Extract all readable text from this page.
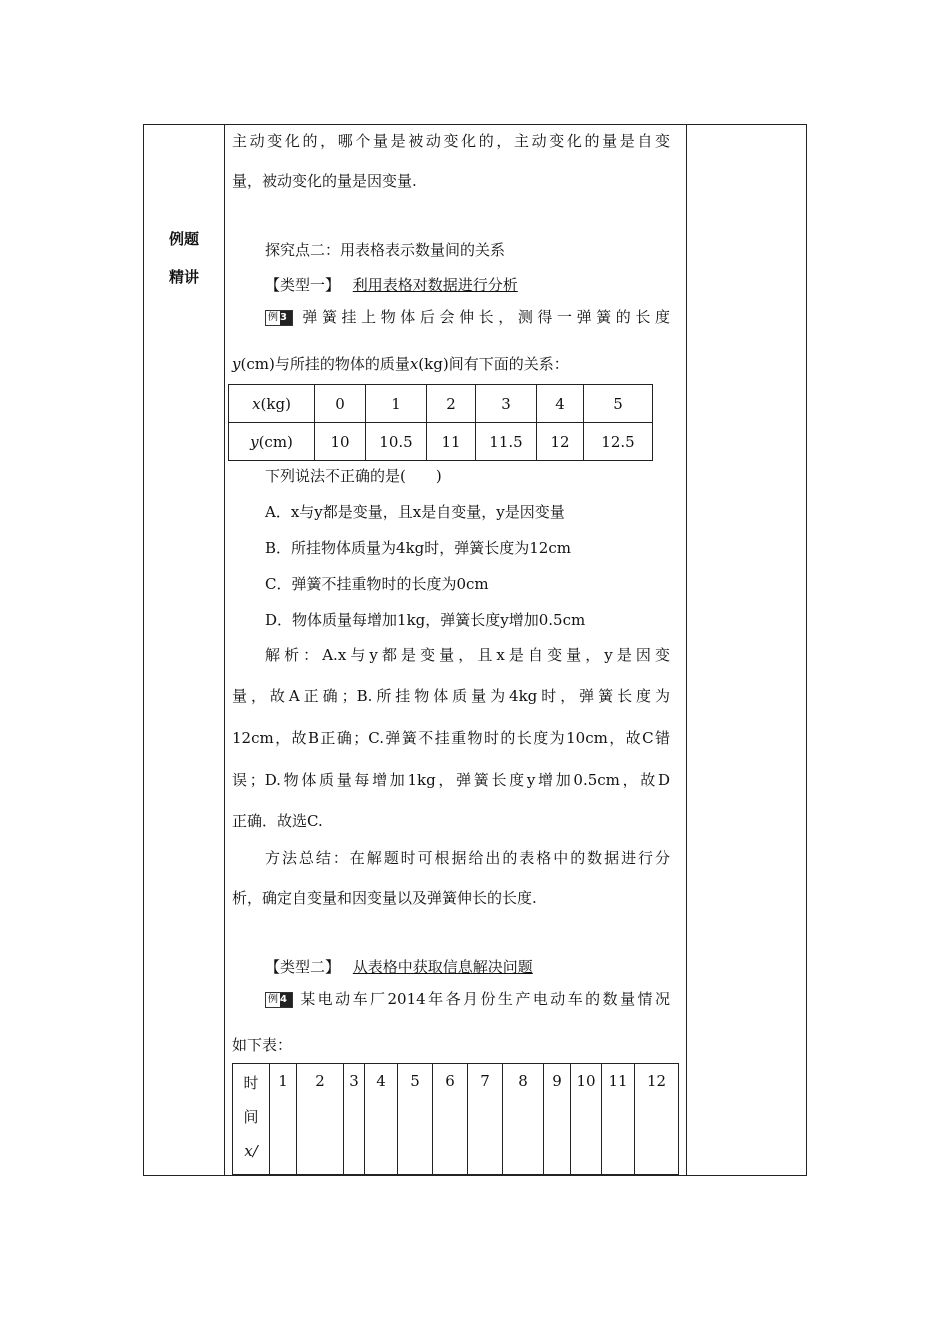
例题
精讲
主动变化的，哪个量是被动变化的，主动变化的量是自变
量，被动变化的量是因变量.
探究点二：用表格表示数量间的关系
【类型一】 利用表格对数据进行分析
例 3	弹簧挂上物体后会伸长，测得一弹簧的长度
y(cm)与所挂的物体的质量x(kg)间有下面的关系：
x(kg)	0	1	2	3	4	5
y(cm)	10	10.5	11	11.5	12	12.5
下列说法不正确的是(　　)
A．x与y都是变量，且x是自变量，y是因变量
B．所挂物体质量为4kg时，弹簧长度为12cm
C．弹簧不挂重物时的长度为0cm
D．物体质量每增加1kg，弹簧长度y增加0.5cm
解析：A.x与y都是变量，且x是自变量，y是因变
量，故A正确；B.所挂物体质量为4kg时，弹簧长度为
12cm，故B正确；C.弹簧不挂重物时的长度为10cm，故C错
误；D.物体质量每增加1kg，弹簧长度y增加0.5cm，故D
正确．故选C.
方法总结：在解题时可根据给出的表格中的数据进行分
析，确定自变量和因变量以及弹簧伸长的长度.
【类型二】 从表格中获取信息解决问题
例 4 某电动车厂2014年各月份生产电动车的数量情况
如下表：
时
间
x/
	1	2	3	4	5	6	7	8	9	10	11	12
